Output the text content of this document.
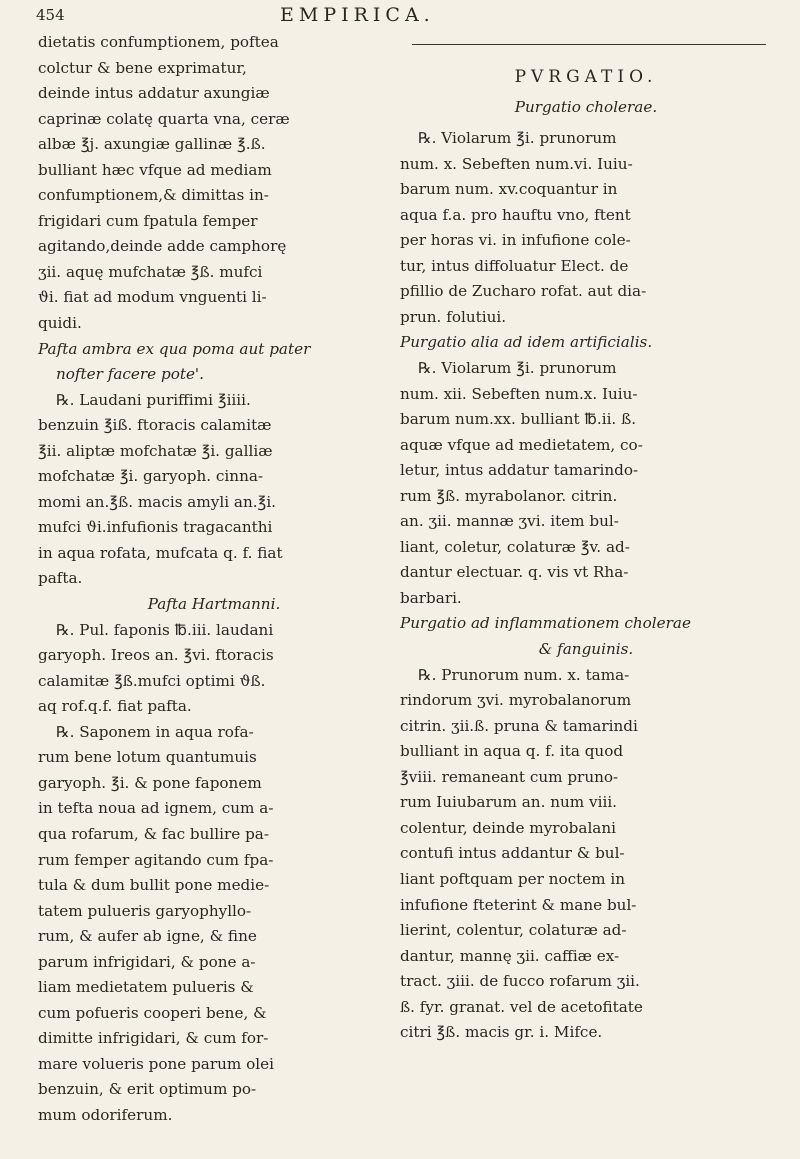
454	EMPIRICA.
dietatis confumptionem, poftea
colctur & bene exprimatur,
deinde intus addatur axungiæ
caprinæ colatę quarta vna, ceræ
albæ ℥j. axungiæ gallinæ ℥.ß.
bulliant hæc vfque ad mediam
confumptionem,& dimittas in-
frigidari cum fpatula femper
agitando,deinde adde camphorę
ʒii. aquę mufchatæ ℥ß. mufci
ϑi. fiat ad modum vnguenti li-
quidi.
Pafta ambra ex qua poma aut pater
nofter facere pote'.
℞. Laudani puriffimi ℥iiii.
benzuin ℥iß. ftoracis calamitæ
℥ii. aliptæ mofchatæ ℥i. galliæ
mofchatæ ℥i. garyoph. cinna-
momi an.℥ß. macis amyli an.℥i.
mufci ϑi.infufionis tragacanthi
in aqua rofata, mufcata q. f. fiat
pafta.
Pafta Hartmanni.
℞. Pul. faponis ℔.iii. laudani
garyoph. Ireos an. ℥vi. ftoracis
calamitæ ℥ß.mufci optimi ϑß.
aq rof.q.f. fiat pafta.
℞. Saponem in aqua rofa-
rum bene lotum quantumuis
garyoph. ℥i. & pone faponem
in tefta noua ad ignem, cum a-
qua rofarum, & fac bullire pa-
rum femper agitando cum fpa-
tula & dum bullit pone medie-
tatem pulueris garyophyllo-
rum, & aufer ab igne, & fine
parum infrigidari, & pone a-
liam medietatem pulueris &
cum pofueris cooperi bene, &
dimitte infrigidari, & cum for-
mare volueris pone parum olei
benzuin, & erit optimum po-
mum odoriferum.
PVRGATIO.
Purgatio cholerae.
℞. Violarum ℥i. prunorum
num. x. Sebeften num.vi. Iuiu-
barum num. xv.coquantur in
aqua f.a. pro hauftu vno, ftent
per horas vi. in infufione cole-
tur, intus diffoluatur Elect. de
pfillio de Zucharo rofat. aut dia-
prun. folutiui.
Purgatio alia ad idem artificialis.
℞. Violarum ℥i. prunorum
num. xii. Sebeften num.x. Iuiu-
barum num.xx. bulliant ℔.ii. ß.
aquæ vfque ad medietatem, co-
letur, intus addatur tamarindo-
rum ℥ß. myrabolanor. citrin.
an. ʒii. mannæ ʒvi. item bul-
liant, coletur, colaturæ ℥v. ad-
dantur electuar. q. vis vt Rha-
barbari.
Purgatio ad inflammationem cholerae
& fanguinis.
℞. Prunorum num. x. tama-
rindorum ʒvi. myrobalanorum
citrin. ʒii.ß. pruna & tamarindi
bulliant in aqua q. f. ita quod
℥viii. remaneant cum pruno-
rum Iuiubarum an. num viii.
colentur, deinde myrobalani
contufi intus addantur & bul-
liant poftquam per noctem in
infufione fteterint & mane bul-
lierint, colentur, colaturæ ad-
dantur, mannę ʒii. caffiæ ex-
tract. ʒiii. de fucco rofarum ʒii.
ß. fyr. granat. vel de acetofitate
citri ℥ß. macis gr. i. Mifce.
